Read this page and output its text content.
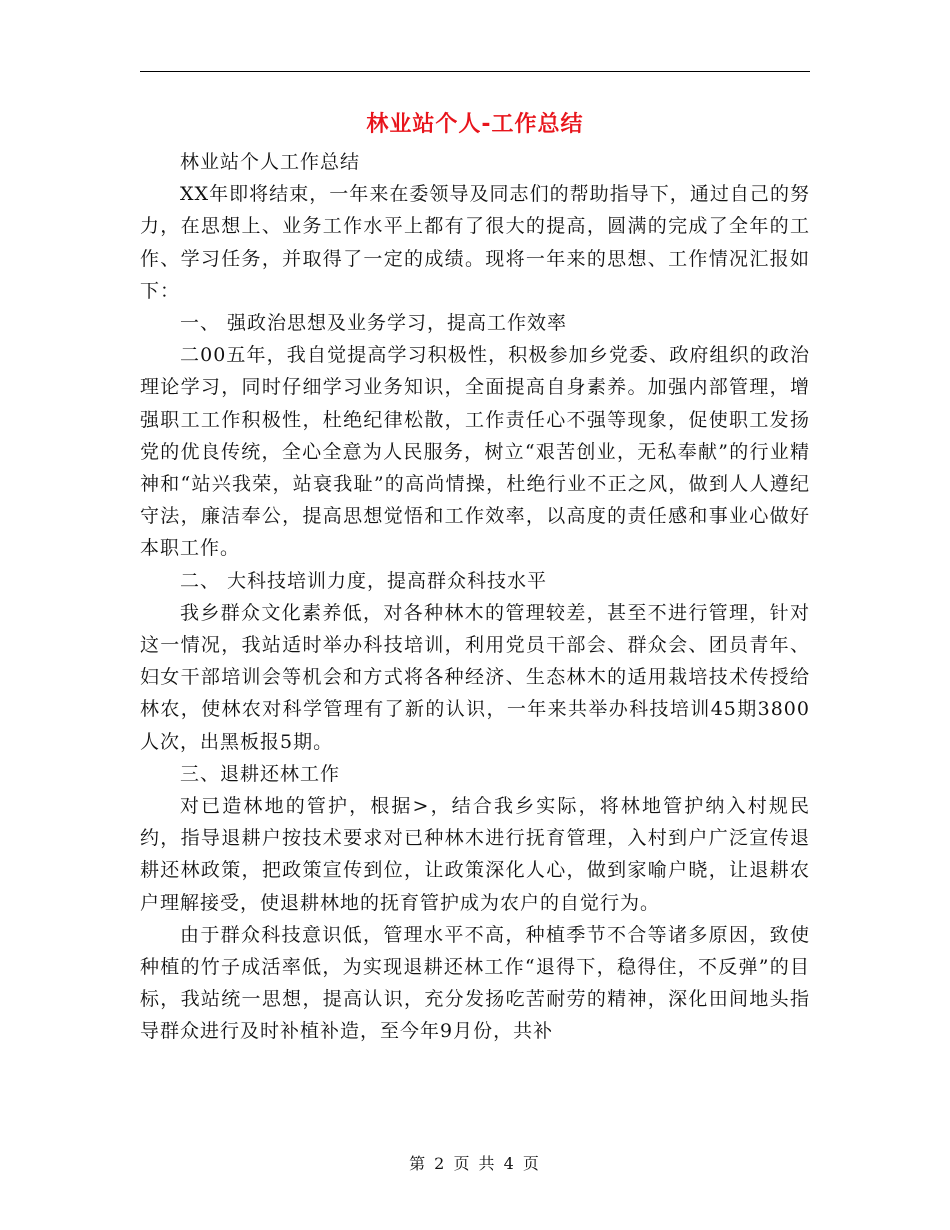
林业站个人-工作总结

林业站个人工作总结

XX年即将结束，一年来在委领导及同志们的帮助指导下，通过自己的努力，在思想上、业务工作水平上都有了很大的提高，圆满的完成了全年的工作、学习任务，并取得了一定的成绩。现将一年来的思想、工作情况汇报如下：

一、 强政治思想及业务学习，提高工作效率

二00五年，我自觉提高学习积极性，积极参加乡党委、政府组织的政治理论学习，同时仔细学习业务知识，全面提高自身素养。加强内部管理，增强职工工作积极性，杜绝纪律松散，工作责任心不强等现象，促使职工发扬党的优良传统，全心全意为人民服务，树立“艰苦创业，无私奉献”的行业精神和“站兴我荣，站衰我耻”的高尚情操，杜绝行业不正之风，做到人人遵纪守法，廉洁奉公，提高思想觉悟和工作效率，以高度的责任感和事业心做好本职工作。

二、 大科技培训力度，提高群众科技水平

我乡群众文化素养低，对各种林木的管理较差，甚至不进行管理，针对这一情况，我站适时举办科技培训，利用党员干部会、群众会、团员青年、妇女干部培训会等机会和方式将各种经济、生态林木的适用栽培技术传授给林农，使林农对科学管理有了新的认识，一年来共举办科技培训45期3800人次，出黑板报5期。

三、退耕还林工作

对已造林地的管护，根据>，结合我乡实际，将林地管护纳入村规民约，指导退耕户按技术要求对已种林木进行抚育管理，入村到户广泛宣传退耕还林政策，把政策宣传到位，让政策深化人心，做到家喻户晓，让退耕农户理解接受，使退耕林地的抚育管护成为农户的自觉行为。

由于群众科技意识低，管理水平不高，种植季节不合等诸多原因，致使种植的竹子成活率低，为实现退耕还林工作“退得下，稳得住，不反弹”的目标，我站统一思想，提高认识，充分发扬吃苦耐劳的精神，深化田间地头指导群众进行及时补植补造，至今年9月份，共补

第 2 页 共 4 页
